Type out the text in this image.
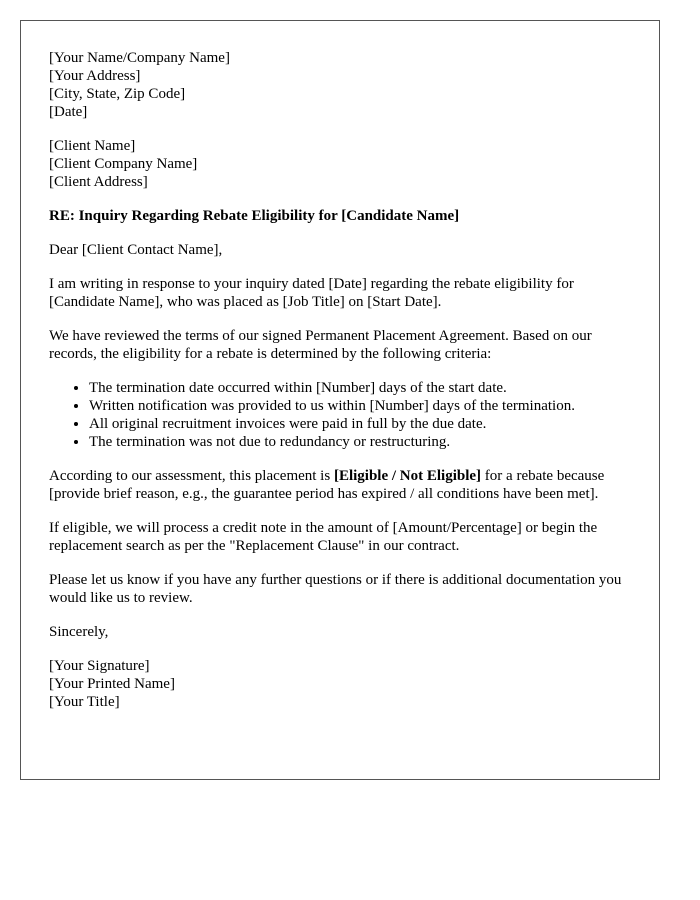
[Your Name/Company Name]
[Your Address]
[City, State, Zip Code]
[Date]
[Client Name]
[Client Company Name]
[Client Address]
RE: Inquiry Regarding Rebate Eligibility for [Candidate Name]

Dear [Client Contact Name],

I am writing in response to your inquiry dated [Date] regarding the rebate eligibility for [Candidate Name], who was placed as [Job Title] on [Start Date].

We have reviewed the terms of our signed Permanent Placement Agreement. Based on our records, the eligibility for a rebate is determined by the following criteria:

• The termination date occurred within [Number] days of the start date.
• Written notification was provided to us within [Number] days of the termination.
• All original recruitment invoices were paid in full by the due date.
• The termination was not due to redundancy or restructuring.

According to our assessment, this placement is [Eligible / Not Eligible] for a rebate because [provide brief reason, e.g., the guarantee period has expired / all conditions have been met].

If eligible, we will process a credit note in the amount of [Amount/Percentage] or begin the replacement search as per the "Replacement Clause" in our contract.

Please let us know if you have any further questions or if there is additional documentation you would like us to review.

Sincerely,

[Your Signature]
[Your Printed Name]
[Your Title]
